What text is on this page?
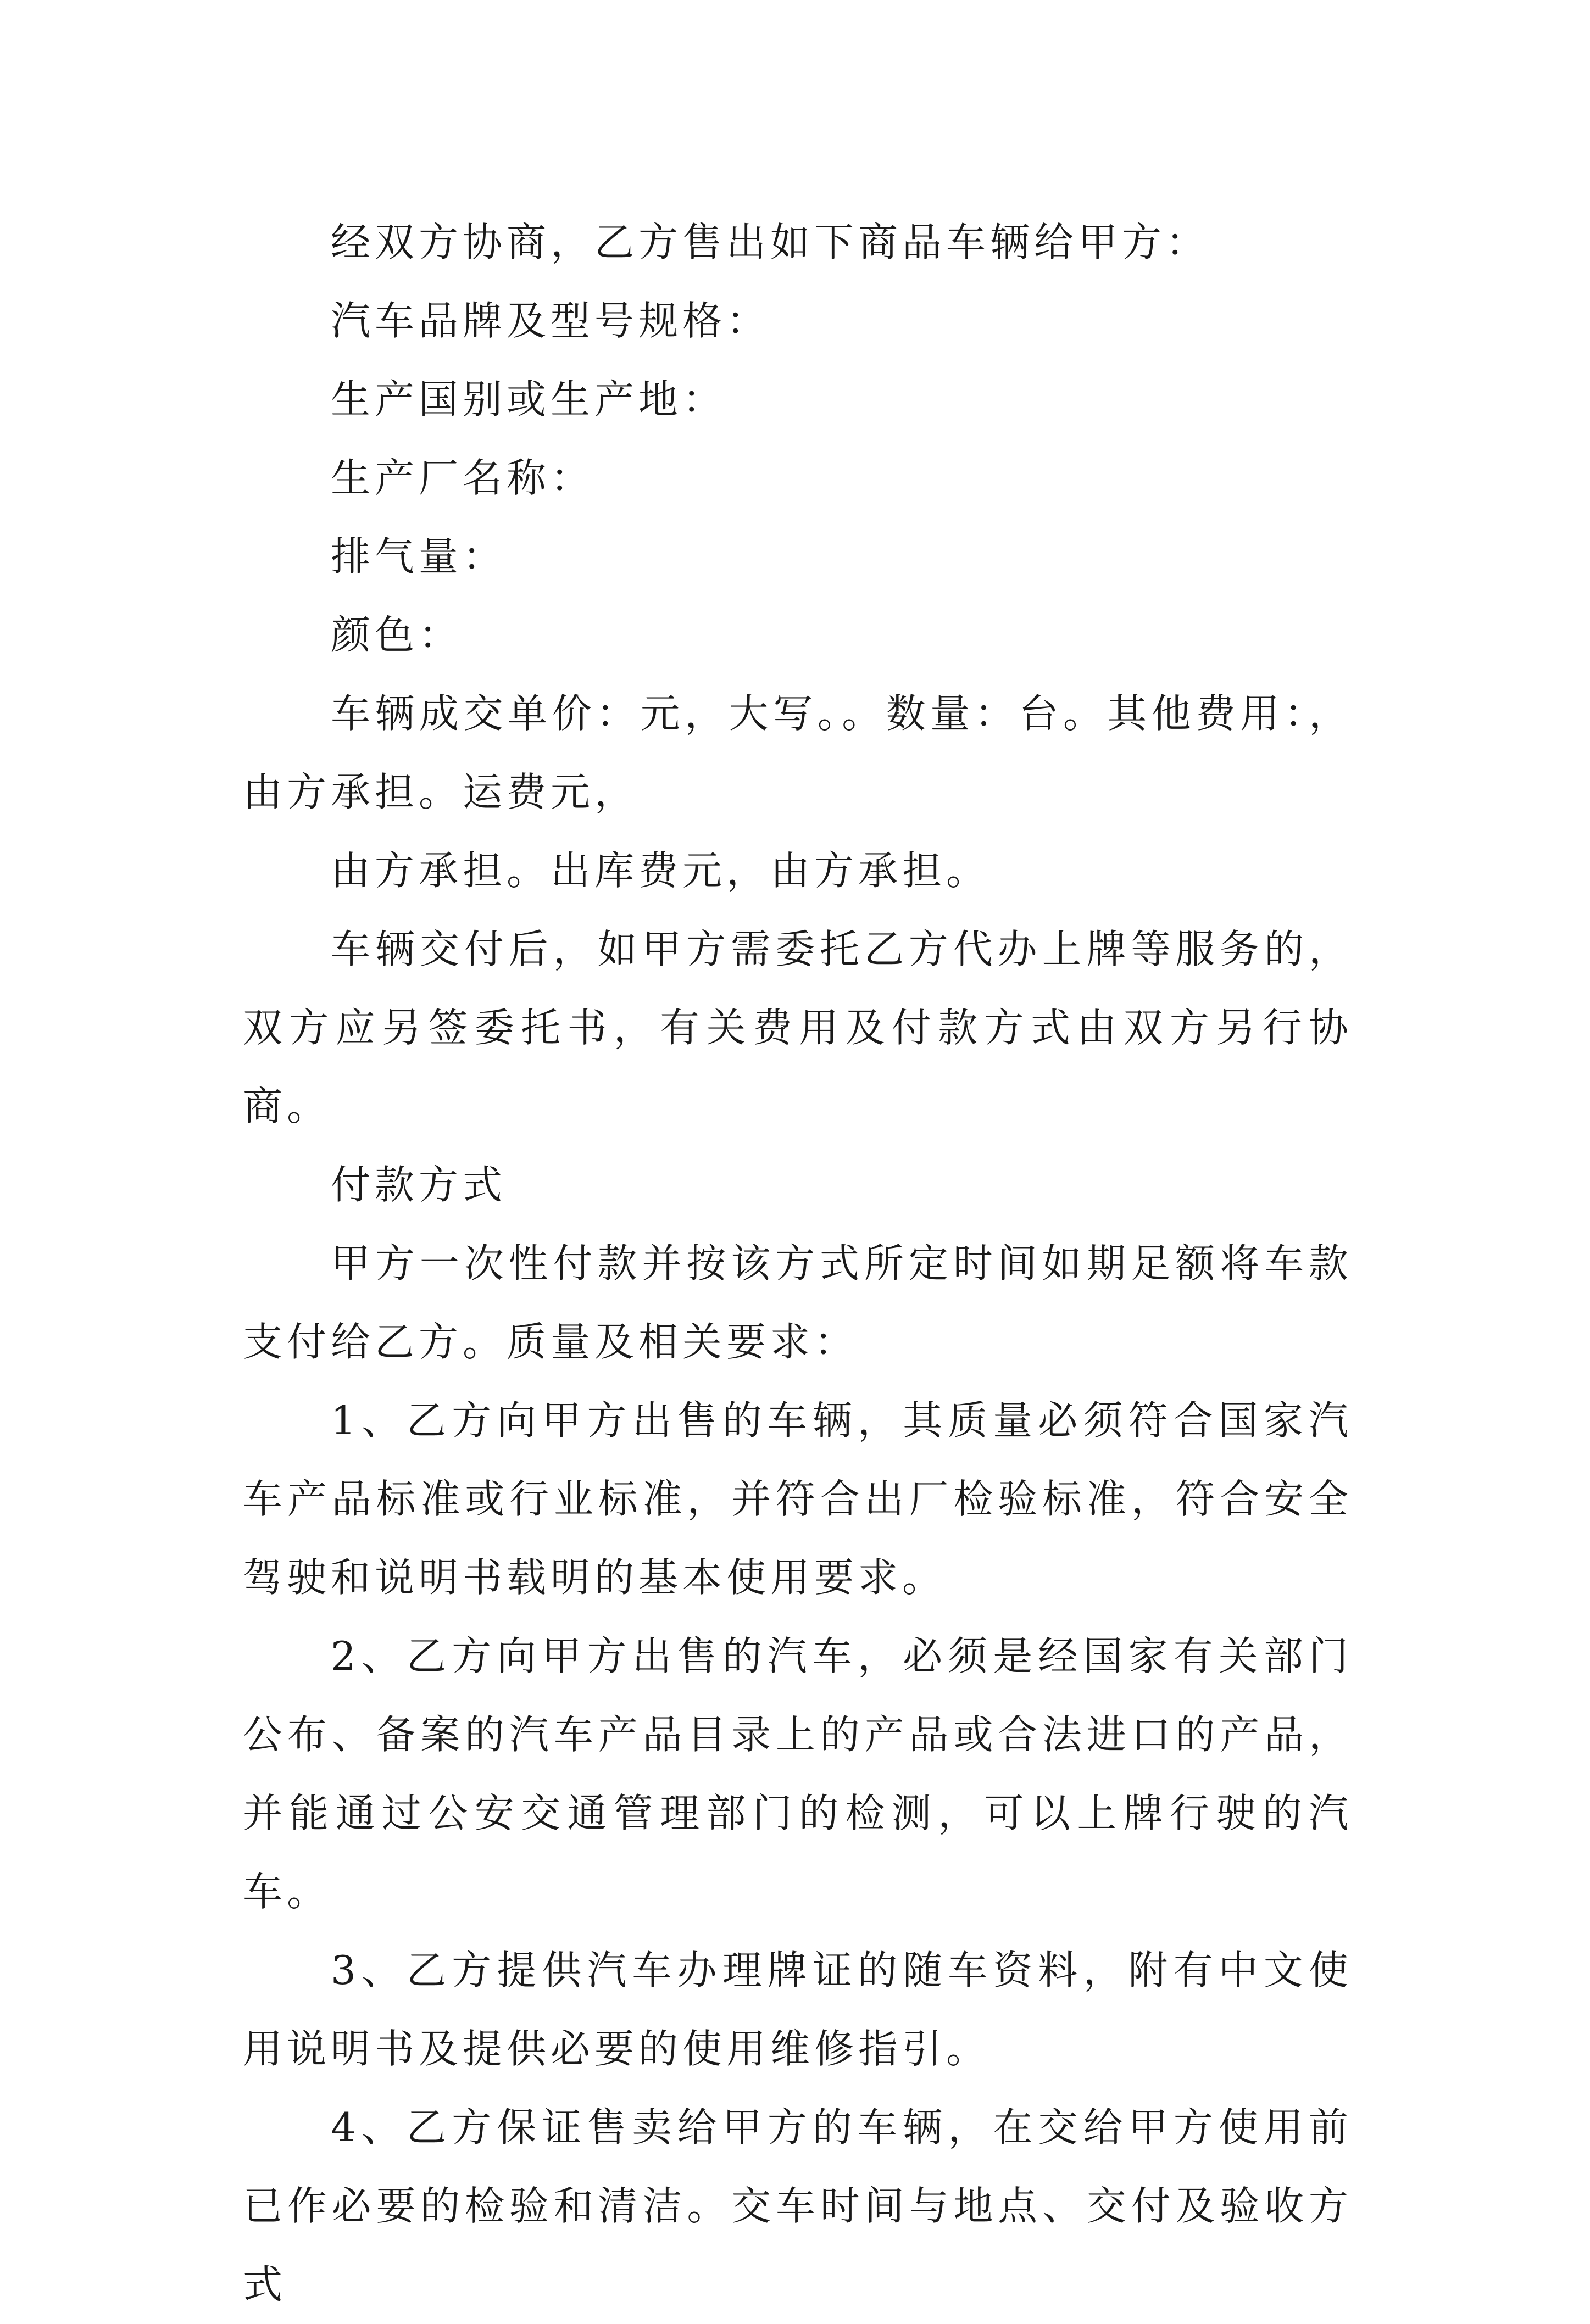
经双方协商，乙方售出如下商品车辆给甲方：

汽车品牌及型号规格：

生产国别或生产地：

生产厂名称：

排气量：

颜色：

车辆成交单价：元，大写。。数量：台。其他费用：，由方承担。运费元，

由方承担。出库费元，由方承担。

车辆交付后，如甲方需委托乙方代办上牌等服务的，双方应另签委托书，有关费用及付款方式由双方另行协商。

付款方式

甲方一次性付款并按该方式所定时间如期足额将车款支付给乙方。质量及相关要求：

1、乙方向甲方出售的车辆，其质量必须符合国家汽车产品标准或行业标准，并符合出厂检验标准，符合安全驾驶和说明书载明的基本使用要求。

2、乙方向甲方出售的汽车，必须是经国家有关部门公布、备案的汽车产品目录上的产品或合法进口的产品，并能通过公安交通管理部门的检测，可以上牌行驶的汽车。

3、乙方提供汽车办理牌证的随车资料，附有中文使用说明书及提供必要的使用维修指引。

4、乙方保证售卖给甲方的车辆，在交给甲方使用前已作必要的检验和清洁。交车时间与地点、交付及验收方式
